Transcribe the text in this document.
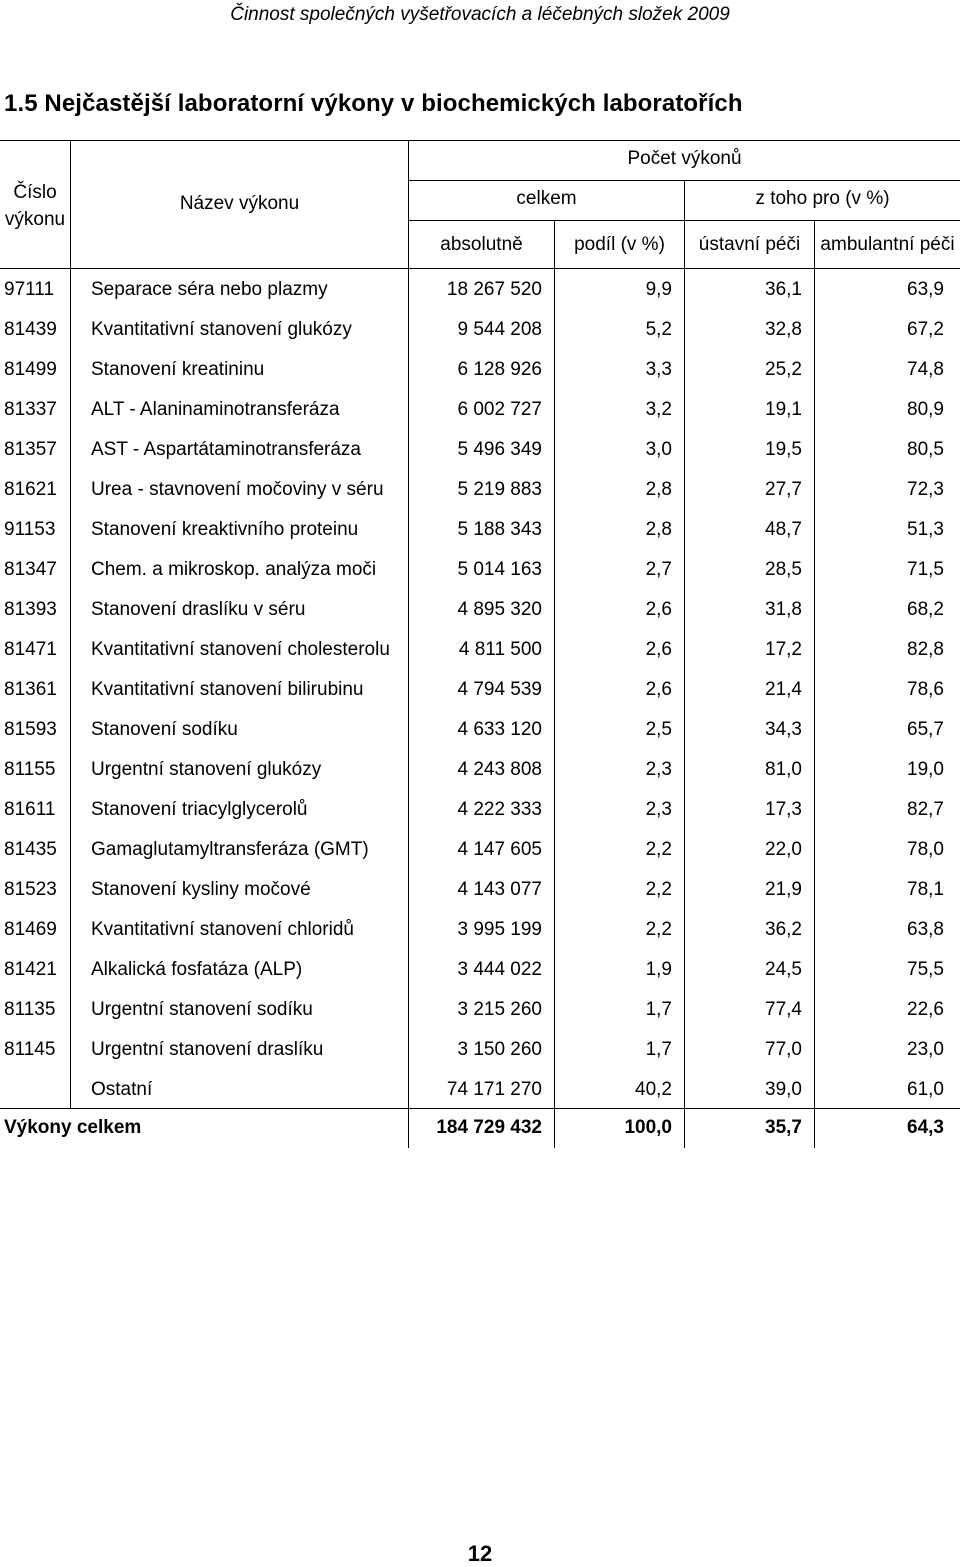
Činnost společných vyšetřovacích a léčebných složek 2009
1.5 Nejčastější laboratorní výkony v biochemických laboratořích
Číslo výkonu
Název výkonu
Počet výkonů
celkem	z toho pro (v %)
absolutně	podíl (v %)	ústavní péči	ambulantní péči
97111	Separace séra nebo plazmy	18 267 520	9,9	36,1	63,9
81439	Kvantitativní stanovení glukózy	9 544 208	5,2	32,8	67,2
81499	Stanovení kreatininu	6 128 926	3,3	25,2	74,8
81337	ALT - Alaninaminotransferáza	6 002 727	3,2	19,1	80,9
81357	AST - Aspartátaminotransferáza	5 496 349	3,0	19,5	80,5
81621	Urea - stavnovení močoviny v séru	5 219 883	2,8	27,7	72,3
91153	Stanovení kreaktivního proteinu	5 188 343	2,8	48,7	51,3
81347	Chem. a mikroskop. analýza moči	5 014 163	2,7	28,5	71,5
81393	Stanovení draslíku v séru	4 895 320	2,6	31,8	68,2
81471	Kvantitativní stanovení cholesterolu	4 811 500	2,6	17,2	82,8
81361	Kvantitativní stanovení bilirubinu	4 794 539	2,6	21,4	78,6
81593	Stanovení sodíku	4 633 120	2,5	34,3	65,7
81155	Urgentní stanovení glukózy	4 243 808	2,3	81,0	19,0
81611	Stanovení triacylglycerolů	4 222 333	2,3	17,3	82,7
81435	Gamaglutamyltransferáza (GMT)	4 147 605	2,2	22,0	78,0
81523	Stanovení kysliny močové	4 143 077	2,2	21,9	78,1
81469	Kvantitativní stanovení chloridů	3 995 199	2,2	36,2	63,8
81421	Alkalická fosfatáza (ALP)	3 444 022	1,9	24,5	75,5
81135	Urgentní stanovení sodíku	3 215 260	1,7	77,4	22,6
81145	Urgentní stanovení draslíku	3 150 260	1,7	77,0	23,0
Ostatní	74 171 270	40,2	39,0	61,0
Výkony celkem	184 729 432	100,0	35,7	64,3
12
